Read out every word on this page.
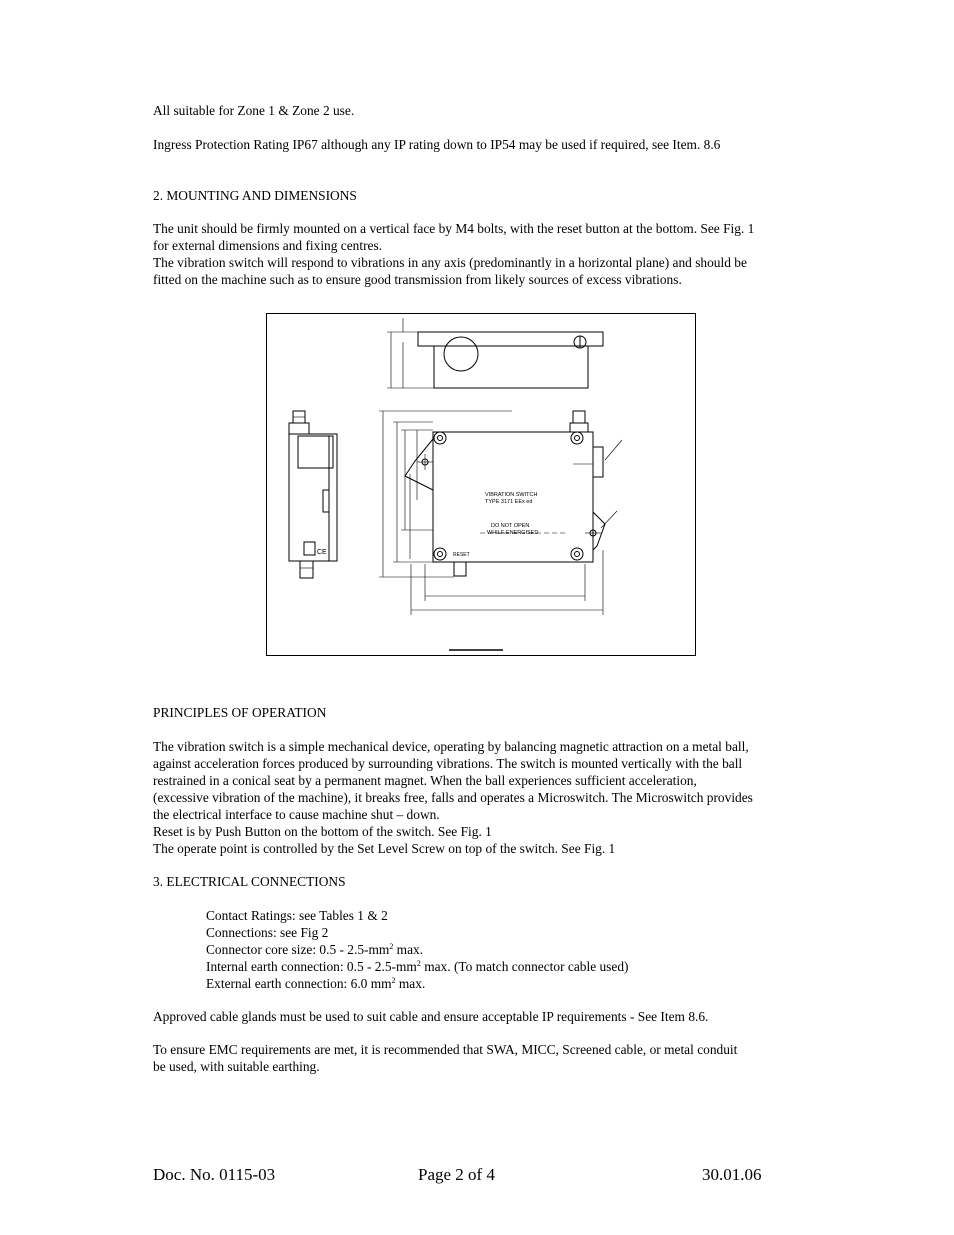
All suitable for Zone 1 & Zone 2 use.

Ingress Protection Rating IP67 although any IP rating down to IP54 may be used if required, see Item. 8.6

2. MOUNTING AND DIMENSIONS

The unit should be firmly mounted on a vertical face by M4 bolts, with the reset button at the bottom. See Fig. 1

for external dimensions and fixing centres.

The vibration switch will respond to vibrations in any axis (predominantly in a horizontal plane) and should be

fitted on the machine such as to ensure good transmission from likely sources of excess vibrations.

CE
VIBRATION SWITCH
TYPE 3171 EEx ed
DO NOT OPEN
WHILE ENERGISED
RESET

PRINCIPLES OF OPERATION

The vibration switch is a simple mechanical device, operating by balancing magnetic attraction on a metal ball,

against acceleration forces produced by surrounding vibrations. The switch is mounted vertically with the ball

restrained in a conical seat by a permanent magnet. When the ball experiences sufficient acceleration,

(excessive vibration of the machine), it breaks free, falls and operates a Microswitch. The Microswitch provides

the electrical interface to cause machine shut – down.

Reset is by Push Button on the bottom of the switch. See Fig. 1

The operate point is controlled by the Set Level Screw on top of the switch. See Fig. 1

3. ELECTRICAL CONNECTIONS

Contact Ratings: see Tables 1 & 2

Connections: see Fig 2

Connector core size: $0.5 - 2.5-mm^2$ max.

Internal earth connection: $0.5 - 2.5-mm^2$ max. (To match connector cable used)

External earth connection: 6.0 $mm^2$ max.

Approved cable glands must be used to suit cable and ensure acceptable IP requirements - See Item 8.6.

To ensure EMC requirements are met, it is recommended that SWA, MICC, Screened cable, or metal conduit

be used, with suitable earthing.

Doc. No. 0115-03	Page 2 of 4	30.01.06
